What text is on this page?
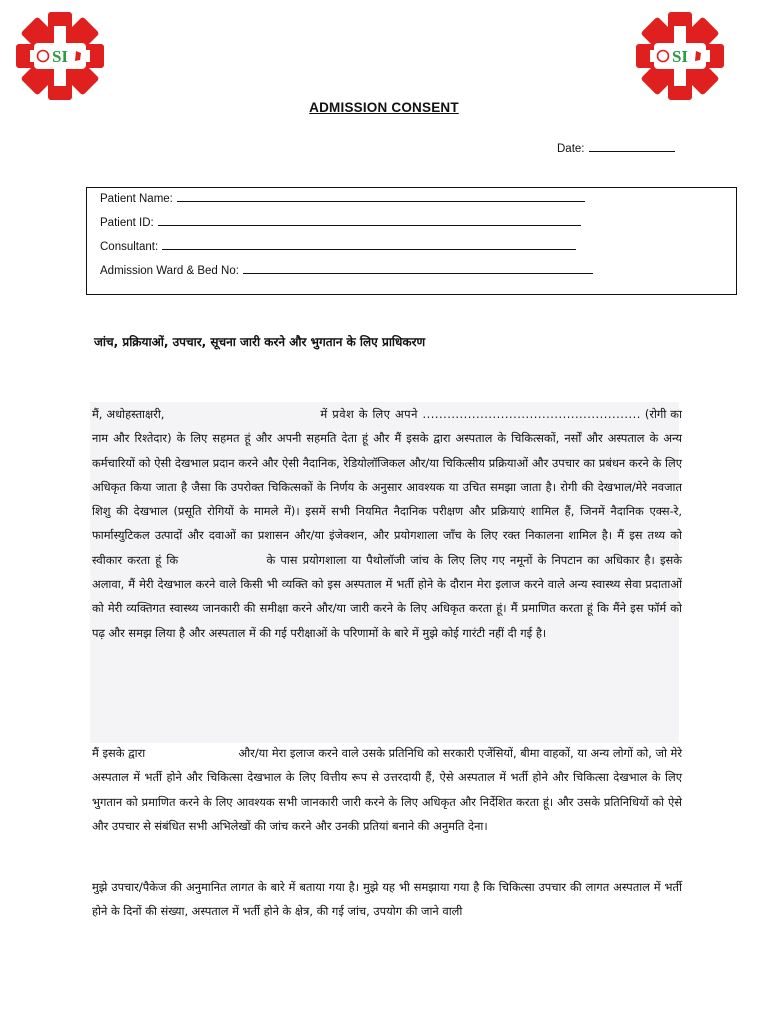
SI	SI
ADMISSION CONSENT
Date:
Patient Name:
Patient ID:
Consultant:
Admission Ward & Bed No:
जांच, प्रक्रियाओं, उपचार, सूचना जारी करने और भुगतान के लिए प्राधिकरण
मैं, अधोहस्ताक्षरी,	में प्रवेश के लिए अपने ..................................................... (रोगी का नाम और रिश्तेदार) के लिए सहमत हूं और अपनी सहमति देता हूं और मैं इसके द्वारा अस्पताल के चिकित्सकों, नर्सों और अस्पताल के अन्य कर्मचारियों को ऐसी देखभाल प्रदान करने और ऐसी नैदानिक, रेडियोलॉजिकल और/या चिकित्सीय प्रक्रियाओं और उपचार का प्रबंधन करने के लिए अधिकृत किया जाता है जैसा कि उपरोक्त चिकित्सकों के निर्णय के अनुसार आवश्यक या उचित समझा जाता है। रोगी की देखभाल/मेरे नवजात शिशु की देखभाल (प्रसूति रोगियों के मामले में)। इसमें सभी नियमित नैदानिक परीक्षण और प्रक्रियाएं शामिल हैं, जिनमें नैदानिक एक्स-रे, फार्मास्युटिकल उत्पादों और दवाओं का प्रशासन और/या इंजेक्शन, और प्रयोगशाला जाँच के लिए रक्त निकालना शामिल है। मैं इस तथ्य को स्वीकार करता हूं कि	के पास प्रयोगशाला या पैथोलॉजी जांच के लिए लिए गए नमूनों के निपटान का अधिकार है। इसके अलावा, मैं मेरी देखभाल करने वाले किसी भी व्यक्ति को इस अस्पताल में भर्ती होने के दौरान मेरा इलाज करने वाले अन्य स्वास्थ्य सेवा प्रदाताओं को मेरी व्यक्तिगत स्वास्थ्य जानकारी की समीक्षा करने और/या जारी करने के लिए अधिकृत करता हूं। मैं प्रमाणित करता हूं कि मैंने इस फॉर्म को पढ़ और समझ लिया है और अस्पताल में की गई परीक्षाओं के परिणामों के बारे में मुझे कोई गारंटी नहीं दी गई है।
मैं इसके द्वारा	और/या मेरा इलाज करने वाले उसके प्रतिनिधि को सरकारी एजेंसियों, बीमा वाहकों, या अन्य लोगों को, जो मेरे अस्पताल में भर्ती होने और चिकित्सा देखभाल के लिए वित्तीय रूप से उत्तरदायी हैं, ऐसे अस्पताल में भर्ती होने और चिकित्सा देखभाल के लिए भुगतान को प्रमाणित करने के लिए आवश्यक सभी जानकारी जारी करने के लिए अधिकृत और निर्देशित करता हूं। और उसके प्रतिनिधियों को ऐसे और उपचार से संबंधित सभी अभिलेखों की जांच करने और उनकी प्रतियां बनाने की अनुमति देना।
मुझे उपचार/पैकेज की अनुमानित लागत के बारे में बताया गया है। मुझे यह भी समझाया गया है कि चिकित्सा उपचार की लागत अस्पताल में भर्ती होने के दिनों की संख्या, अस्पताल में भर्ती होने के क्षेत्र, की गई जांच, उपयोग की जाने वाली
